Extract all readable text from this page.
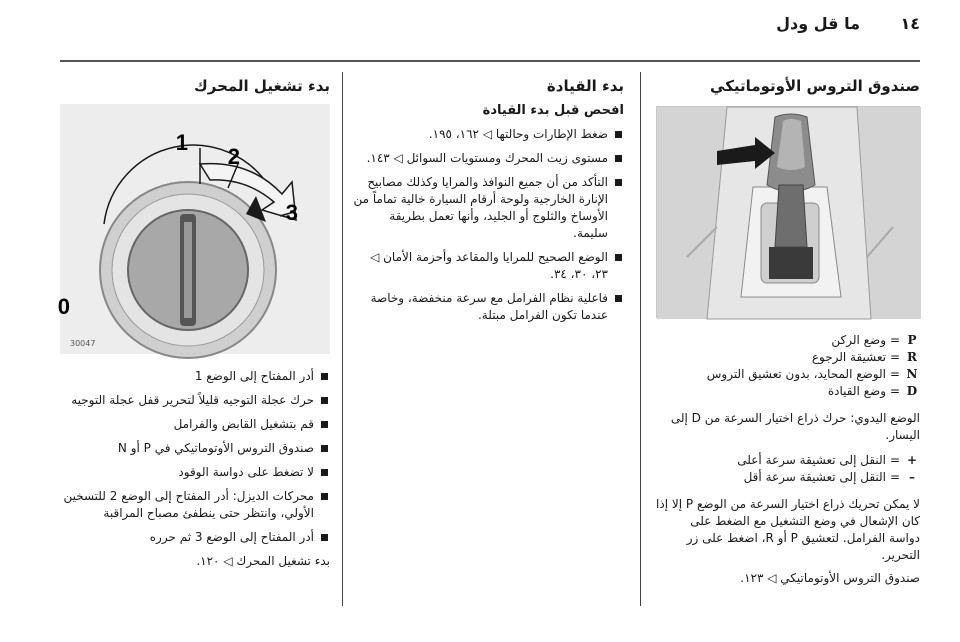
١٤
ما قل ودل
صندوق التروس الأوتوماتيكي
P
=
وضع الركن
R
=
تعشيقة الرجوع
N
=
الوضع المحايد، بدون تعشيق التروس
D
=
وضع القيادة
الوضع اليدوي: حرك ذراع اختيار السرعة من D إلى اليسار.
+
=
النقل إلى تعشيقة سرعة أعلى
–
=
النقل إلى تعشيقة سرعة أقل
لا يمكن تحريك ذراع اختيار السرعة من الوضع P إلا إذا كان الإشعال في وضع التشغيل مع الضغط على دواسة الفرامل. لتعشيق P أو R، اضغط على زر التحرير.
صندوق التروس الأوتوماتيكي ◁ ١٢٣.
بدء القيادة
افحص قبل بدء القيادة
ضغط الإطارات وحالتها ◁ ١٦٢، ١٩٥.
مستوى زيت المحرك ومستويات السوائل ◁ ١٤٣.
التأكد من أن جميع النوافذ والمرايا وكذلك مصابيح الإنارة الخارجية ولوحة أرقام السيارة خالية تماماً من الأوساخ والثلوج أو الجليد، وأنها تعمل بطريقة سليمة.
الوضع الصحيح للمرايا والمقاعد وأحزمة الأمان ◁ ٢٣، ٣٠، ٣٤.
فاعلية نظام الفرامل مع سرعة منخفضة، وخاصة عندما تكون الفرامل مبتلة.
بدء تشغيل المحرك
0
1
2
3
30047
أدر المفتاح إلى الوضع 1
حرك عجلة التوجيه قليلاً لتحرير قفل عجلة التوجيه
قم بتشغيل القابض والفرامل
صندوق التروس الأوتوماتيكي في P أو N
لا تضغط على دواسة الوقود
محركات الديزل: أدر المفتاح إلى الوضع 2 للتسخين الأولي، وانتظر حتى ينطفئ مصباح المراقبة
أدر المفتاح إلى الوضع 3 ثم حرره
بدء تشغيل المحرك ◁ ١٢٠.
